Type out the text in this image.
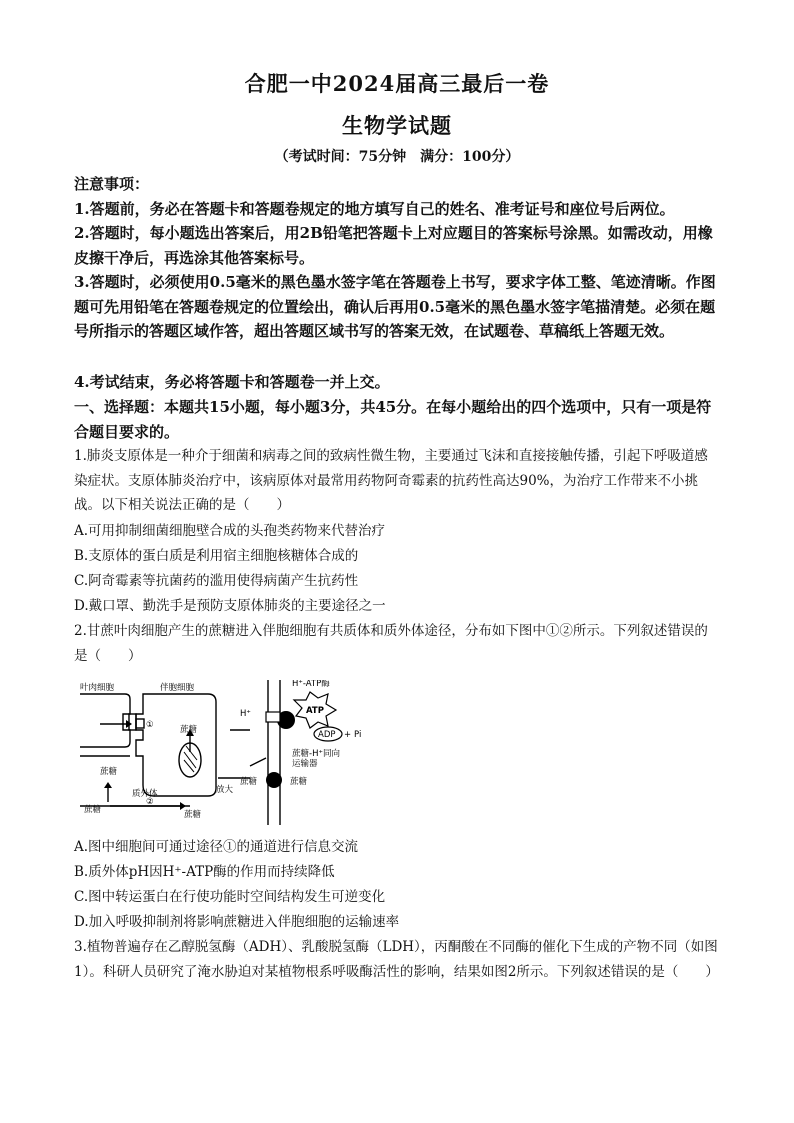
合肥一中2024届高三最后一卷
生物学试题
（考试时间：75分钟　满分：100分）
注意事项：
1.答题前，务必在答题卡和答题卷规定的地方填写自己的姓名、准考证号和座位号后两位。
2.答题时，每小题选出答案后，用2B铅笔把答题卡上对应题目的答案标号涂黑。如需改动，用橡皮擦干净后，再选涂其他答案标号。
3.答题时，必须使用0.5毫米的黑色墨水签字笔在答题卷上书写，要求字体工整、笔迹清晰。作图题可先用铅笔在答题卷规定的位置绘出，确认后再用0.5毫米的黑色墨水签字笔描清楚。必须在题号所指示的答题区域作答，超出答题区域书写的答案无效，在试题卷、草稿纸上答题无效。
4.考试结束，务必将答题卡和答题卷一并上交。
一、选择题：本题共15小题，每小题3分，共45分。在每小题给出的四个选项中，只有一项是符合题目要求的。
1.肺炎支原体是一种介于细菌和病毒之间的致病性微生物，主要通过飞沫和直接接触传播，引起下呼吸道感染症状。支原体肺炎治疗中，该病原体对最常用药物阿奇霉素的抗药性高达90%，为治疗工作带来不小挑战。以下相关说法正确的是（　　）
A.可用抑制细菌细胞壁合成的头孢类药物来代替治疗
B.支原体的蛋白质是利用宿主细胞核糖体合成的
C.阿奇霉素等抗菌药的滥用使得病菌产生抗药性
D.戴口罩、勤洗手是预防支原体肺炎的主要途径之一
2.甘蔗叶肉细胞产生的蔗糖进入伴胞细胞有共质体和质外体途径，分布如下图中①②所示。下列叙述错误的是（　　）
叶肉细胞	伴胞细胞
蔗糖
蔗糖
蔗糖	蔗糖
质外体	放大
①
②
H⁺-ATP酶
ATP
ADP + Pi
蔗糖-H⁺同向
运输器
蔗糖	蔗糖
H⁺
A.图中细胞间可通过途径①的通道进行信息交流
B.质外体pH因H⁺-ATP酶的作用而持续降低
C.图中转运蛋白在行使功能时空间结构发生可逆变化
D.加入呼吸抑制剂将影响蔗糖进入伴胞细胞的运输速率
3.植物普遍存在乙醇脱氢酶（ADH）、乳酸脱氢酶（LDH），丙酮酸在不同酶的催化下生成的产物不同（如图1）。科研人员研究了淹水胁迫对某植物根系呼吸酶活性的影响，结果如图2所示。下列叙述错误的是（　　）
